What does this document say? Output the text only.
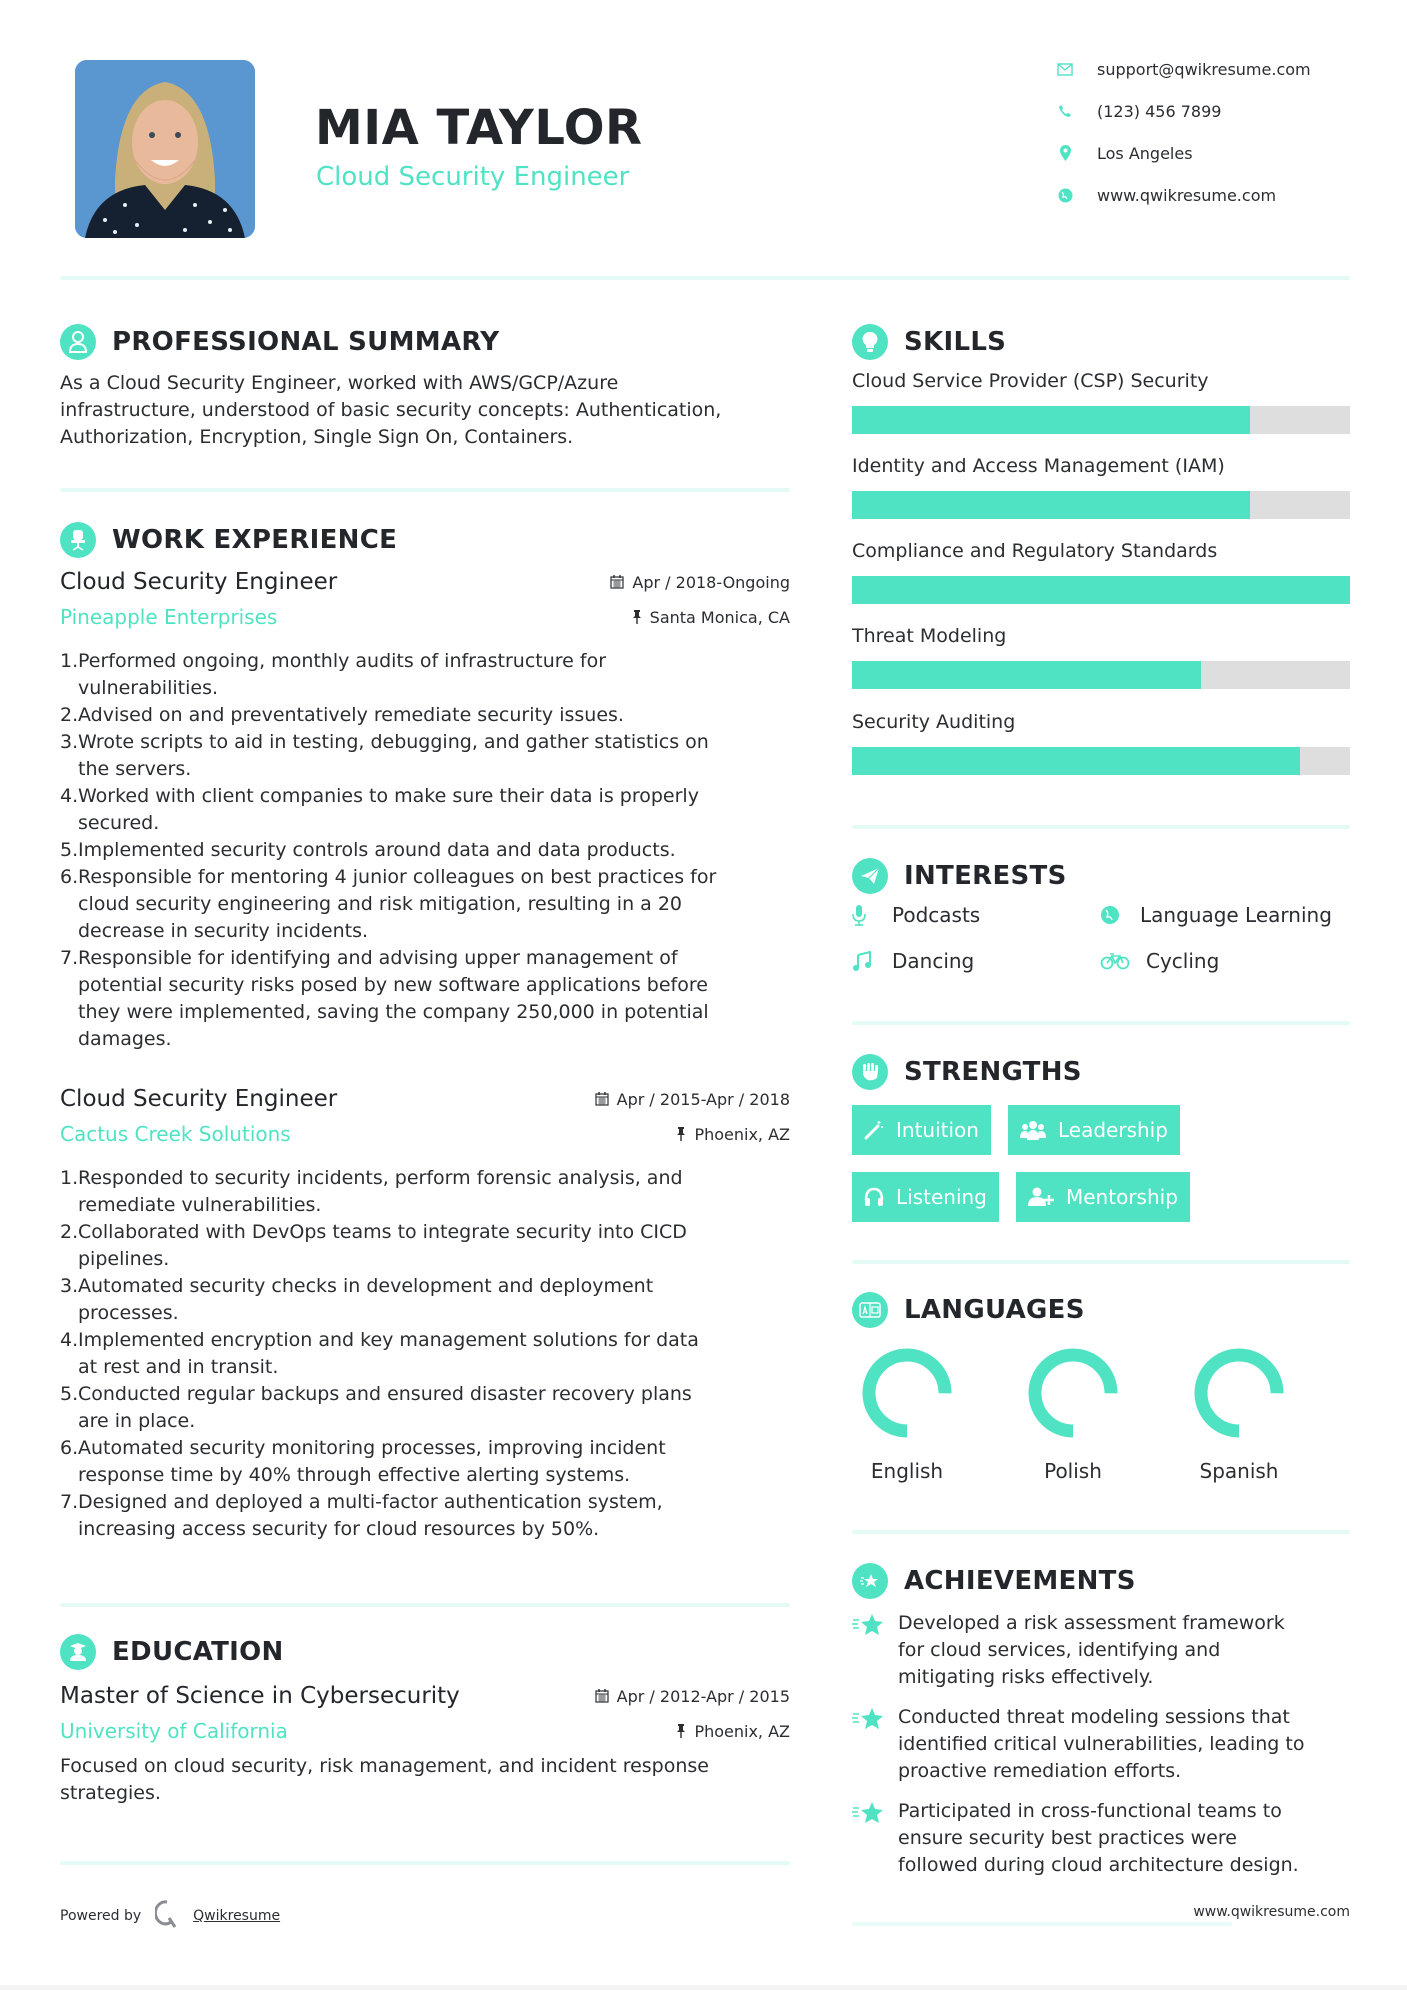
MIA TAYLOR
Cloud Security Engineer
support@qwikresume.com
(123) 456 7899
Los Angeles
www.qwikresume.com
PROFESSIONAL SUMMARY
As a Cloud Security Engineer, worked with AWS/GCP/Azure
infrastructure, understood of basic security concepts: Authentication,
Authorization, Encryption, Single Sign On, Containers.
WORK EXPERIENCE
Cloud Security Engineer	Apr / 2018-Ongoing
Pineapple Enterprises	Santa Monica, CA
1. Performed ongoing, monthly audits of infrastructure for
vulnerabilities.
2. Advised on and preventatively remediate security issues.
3. Wrote scripts to aid in testing, debugging, and gather statistics on
the servers.
4. Worked with client companies to make sure their data is properly
secured.
5. Implemented security controls around data and data products.
6. Responsible for mentoring 4 junior colleagues on best practices for
cloud security engineering and risk mitigation, resulting in a 20
decrease in security incidents.
7. Responsible for identifying and advising upper management of
potential security risks posed by new software applications before
they were implemented, saving the company 250,000 in potential
damages.
Cloud Security Engineer	Apr / 2015-Apr / 2018
Cactus Creek Solutions	Phoenix, AZ
1. Responded to security incidents, perform forensic analysis, and
remediate vulnerabilities.
2. Collaborated with DevOps teams to integrate security into CICD
pipelines.
3. Automated security checks in development and deployment
processes.
4. Implemented encryption and key management solutions for data
at rest and in transit.
5. Conducted regular backups and ensured disaster recovery plans
are in place.
6. Automated security monitoring processes, improving incident
response time by 40% through effective alerting systems.
7. Designed and deployed a multi-factor authentication system,
increasing access security for cloud resources by 50%.
EDUCATION
Master of Science in Cybersecurity	Apr / 2012-Apr / 2015
University of California	Phoenix, AZ
Focused on cloud security, risk management, and incident response
strategies.
Powered by	Qwikresume
SKILLS
Cloud Service Provider (CSP) Security
Identity and Access Management (IAM)
Compliance and Regulatory Standards
Threat Modeling
Security Auditing
INTERESTS
Podcasts	Language Learning
Dancing	Cycling
STRENGTHS
Intuition	Leadership
Listening	Mentorship
LANGUAGES
English	Polish	Spanish
ACHIEVEMENTS
Developed a risk assessment framework
for cloud services, identifying and
mitigating risks effectively.
Conducted threat modeling sessions that
identified critical vulnerabilities, leading to
proactive remediation efforts.
Participated in cross-functional teams to
ensure security best practices were
followed during cloud architecture design.
www.qwikresume.com
